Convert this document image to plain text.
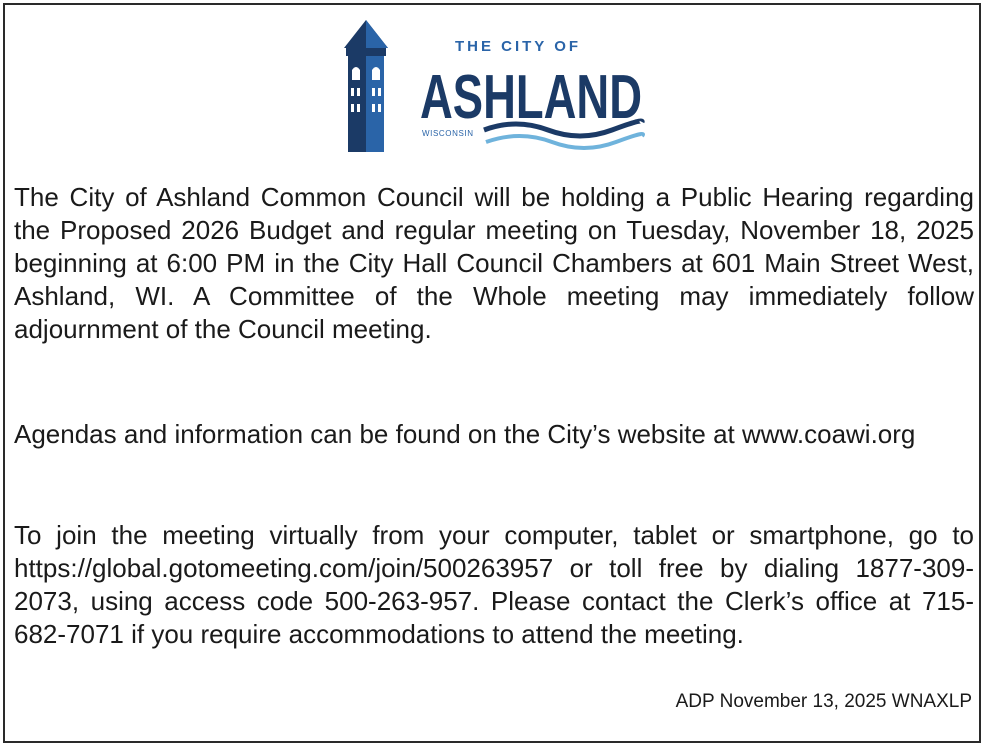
THE CITY OF
ASHLAND
WISCONSIN

The City of Ashland Common Council will be holding a Public Hearing regarding the Proposed 2026 Budget and regular meeting on Tuesday, November 18, 2025 beginning at 6:00 PM in the City Hall Council Chambers at 601 Main Street West, Ashland, WI. A Committee of the Whole meeting may immediately follow adjournment of the Council meeting.

Agendas and information can be found on the City’s website at www.coawi.org

To join the meeting virtually from your computer, tablet or smartphone, go to https://global.gotomeeting.com/join/500263957 or toll free by dialing 1877-309-2073, using access code 500-263-957. Please contact the Clerk’s office at 715-682-7071 if you require accommodations to attend the meeting.

ADP November 13, 2025 WNAXLP
